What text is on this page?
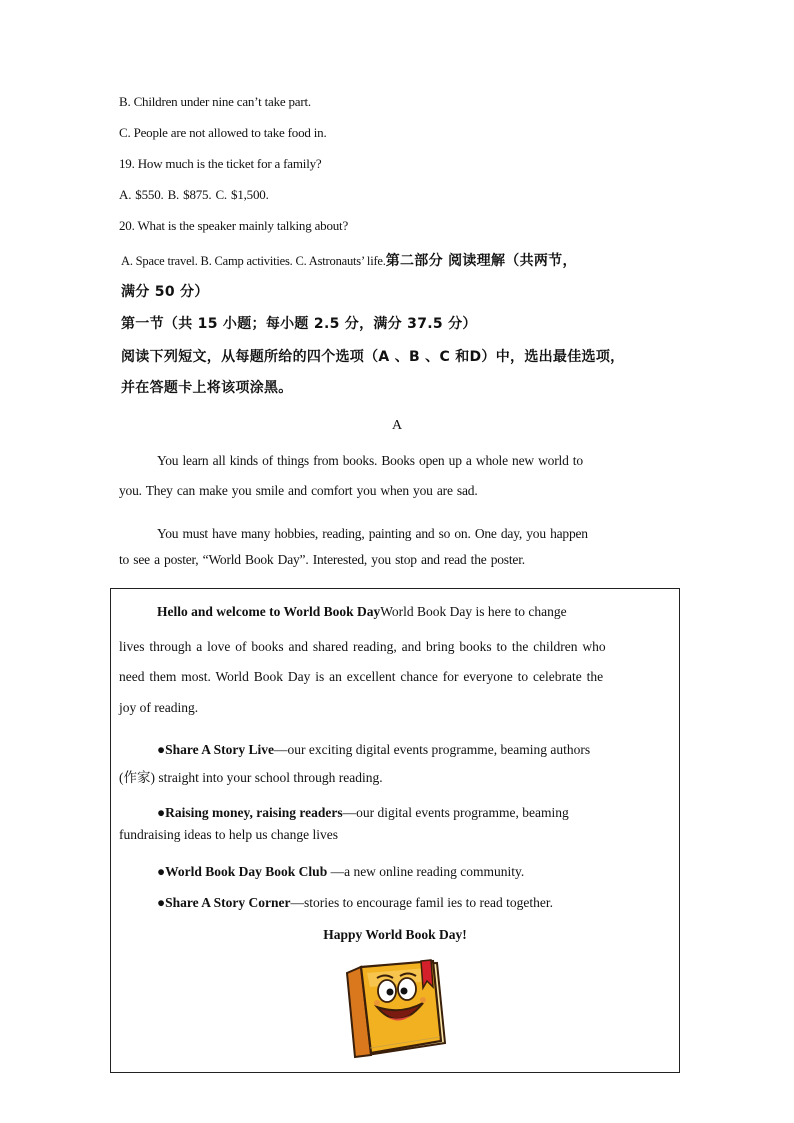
B. Children under nine can’t take part.
C. People are not allowed to take food in.
19. How much is the ticket for a family?
A. $550. B. $875. C. $1,500.
20. What is the speaker mainly talking about?
A. Space travel. B. Camp activities. C. Astronauts’ life.第二部分 阅读理解（共两节，
满分 50 分）
第一节（共 15 小题；每小题 2.5 分，满分 37.5 分）
阅读下列短文，从每题所给的四个选项（A 、B 、C 和D）中，选出最佳选项，
并在答题卡上将该项涂黑。
A
You learn all kinds of things from books. Books open up a whole new world to
you. They can make you smile and comfort you when you are sad.
You must have many hobbies, reading, painting and so on. One day, you happen
to see a poster, “World Book Day”. Interested, you stop and read the poster.
Hello and welcome to World Book DayWorld Book Day is here to change
lives through a love of books and shared reading, and bring books to the children who
need them most. World Book Day is an excellent chance for everyone to celebrate the
joy of reading.
●Share A Story Live—our exciting digital events programme, beaming authors
(作家) straight into your school through reading.
●Raising money, raising readers—our digital events programme, beaming
fundraising ideas to help us change lives
●World Book Day Book Club —a new online reading community.
●Share A Story Corner—stories to encourage famil ies to read together.
Happy World Book Day!
